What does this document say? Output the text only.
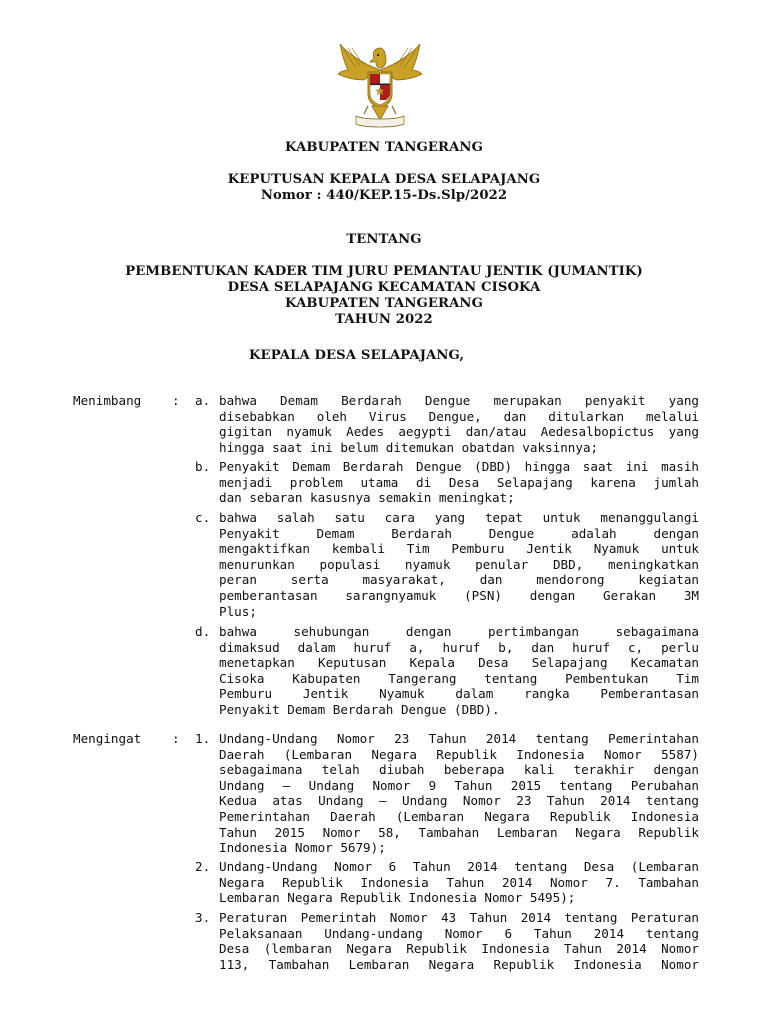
KABUPATEN TANGERANG
KEPUTUSAN KEPALA DESA SELAPAJANG
Nomor : 440/KEP.15-Ds.Slp/2022
TENTANG
PEMBENTUKAN KADER TIM JURU PEMANTAU JENTIK (JUMANTIK)
DESA SELAPAJANG KECAMATAN CISOKA
KABUPATEN TANGERANG
TAHUN 2022
KEPALA DESA SELAPAJANG,
Menimbang : a. bahwa Demam Berdarah Dengue merupakan penyakit yang
disebabkan oleh Virus Dengue, dan ditularkan melalui
gigitan nyamuk Aedes aegypti dan/atau Aedesalbopictus yang
hingga saat ini belum ditemukan obatdan vaksinnya;
b. Penyakit Demam Berdarah Dengue (DBD) hingga saat ini masih
menjadi problem utama di Desa Selapajang karena jumlah
dan sebaran kasusnya semakin meningkat;
c. bahwa salah satu cara yang tepat untuk menanggulangi
Penyakit Demam Berdarah Dengue adalah dengan
mengaktifkan kembali Tim Pemburu Jentik Nyamuk untuk
menurunkan populasi nyamuk penular DBD, meningkatkan
peran serta masyarakat, dan mendorong kegiatan
pemberantasan sarangnyamuk (PSN) dengan Gerakan 3M
Plus;
d. bahwa sehubungan dengan pertimbangan sebagaimana
dimaksud dalam huruf a, huruf b, dan huruf c, perlu
menetapkan Keputusan Kepala Desa Selapajang Kecamatan
Cisoka Kabupaten Tangerang tentang Pembentukan Tim
Pemburu Jentik Nyamuk dalam rangka Pemberantasan
Penyakit Demam Berdarah Dengue (DBD).
Mengingat : 1. Undang-Undang Nomor 23 Tahun 2014 tentang Pemerintahan
Daerah (Lembaran Negara Republik Indonesia Nomor 5587)
sebagaimana telah diubah beberapa kali terakhir dengan
Undang – Undang Nomor 9 Tahun 2015 tentang Perubahan
Kedua atas Undang – Undang Nomor 23 Tahun 2014 tentang
Pemerintahan Daerah (Lembaran Negara Republik Indonesia
Tahun 2015 Nomor 58, Tambahan Lembaran Negara Republik
Indonesia Nomor 5679);
2. Undang-Undang Nomor 6 Tahun 2014 tentang Desa (Lembaran
Negara Republik Indonesia Tahun 2014 Nomor 7. Tambahan
Lembaran Negara Republik Indonesia Nomor 5495);
3. Peraturan Pemerintah Nomor 43 Tahun 2014 tentang Peraturan
Pelaksanaan Undang-undang Nomor 6 Tahun 2014 tentang
Desa (lembaran Negara Republik Indonesia Tahun 2014 Nomor
113, Tambahan Lembaran Negara Republik Indonesia Nomor
